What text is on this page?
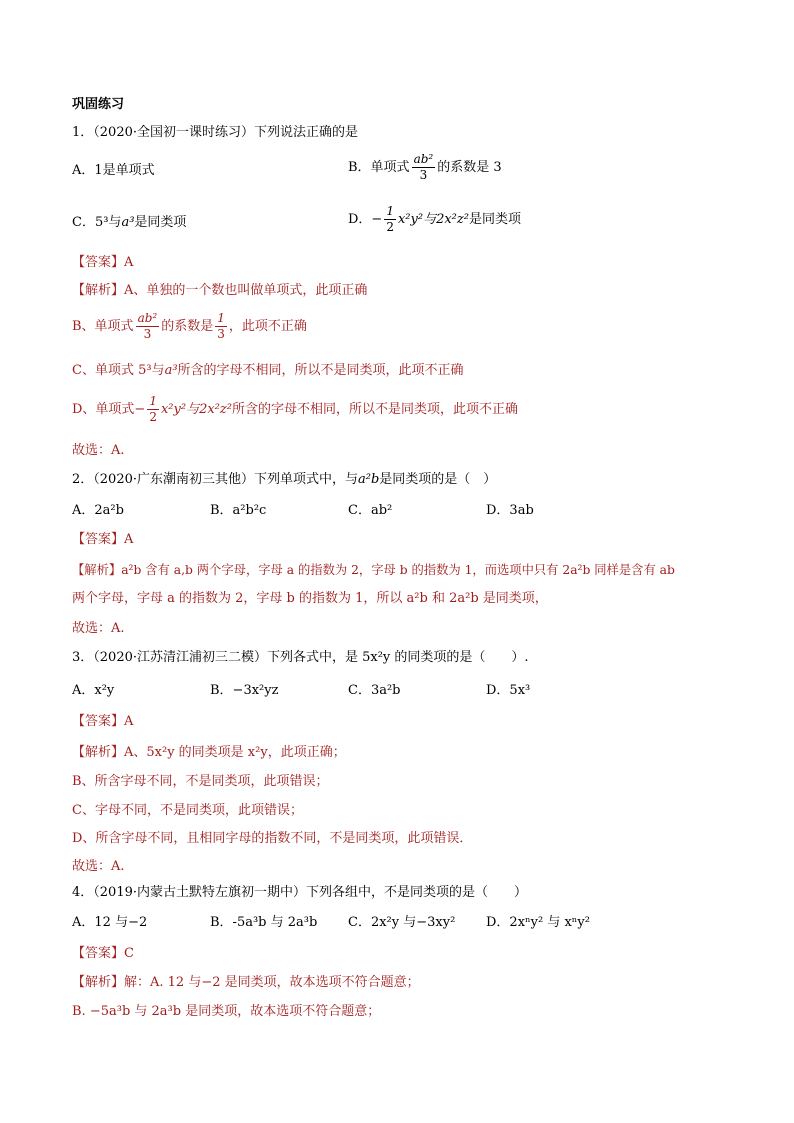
巩固练习
1．（2020·全国初一课时练习）下列说法正确的是
A．1是单项式	B．单项式 $\frac{\text{ab²}}{3}$ 的系数是 3
C．5³与a³是同类项	D．− $\frac{1}{2} x^2y^2$与2x²z²是同类项
【答案】A
【解析】A、单独的一个数也叫做单项式，此项正确
B、单项式 $\frac{\text{ab²}}{3}$ 的系数是 $\frac{1}{3}$ ，此项不正确
C、单项式 5³与a³所含的字母不相同，所以不是同类项，此项不正确
D、单项式− $\frac{1}{2} x^2y^2$与2x²z²所含的字母不相同，所以不是同类项，此项不正确
故选：A.
2．（2020·广东潮南初三其他）下列单项式中，与a²b是同类项的是（　）
A．2a²b	B．a²b²c	C．ab²	D．3ab
【答案】A
【解析】a²b 含有 a,b 两个字母，字母 a 的指数为 2，字母 b 的指数为 1，而选项中只有 2a²b 同样是含有 ab
两个字母，字母 a 的指数为 2，字母 b 的指数为 1，所以 a²b 和 2a²b 是同类项，
故选：A.
3．（2020·江苏清江浦初三二模）下列各式中，是 5x²y 的同类项的是（　　）.
A．x²y	B．−3x²yz	C．3a²b	D．5x³
【答案】A
【解析】A、5x²y 的同类项是 x²y，此项正确；
B、所含字母不同，不是同类项，此项错误；
C、字母不同，不是同类项，此项错误；
D、所含字母不同，且相同字母的指数不同，不是同类项，此项错误．
故选：A.
4．（2019·内蒙古土默特左旗初一期中）下列各组中，不是同类项的是（　　）
A．12 与−2	B．-5a³b 与 2a³b C．2x²y 与−3xy² D．2xⁿy² 与 xⁿy²
【答案】C
【解析】解：A. 12 与−2 是同类项，故本选项不符合题意；
B. −5a³b 与 2a³b 是同类项，故本选项不符合题意；
